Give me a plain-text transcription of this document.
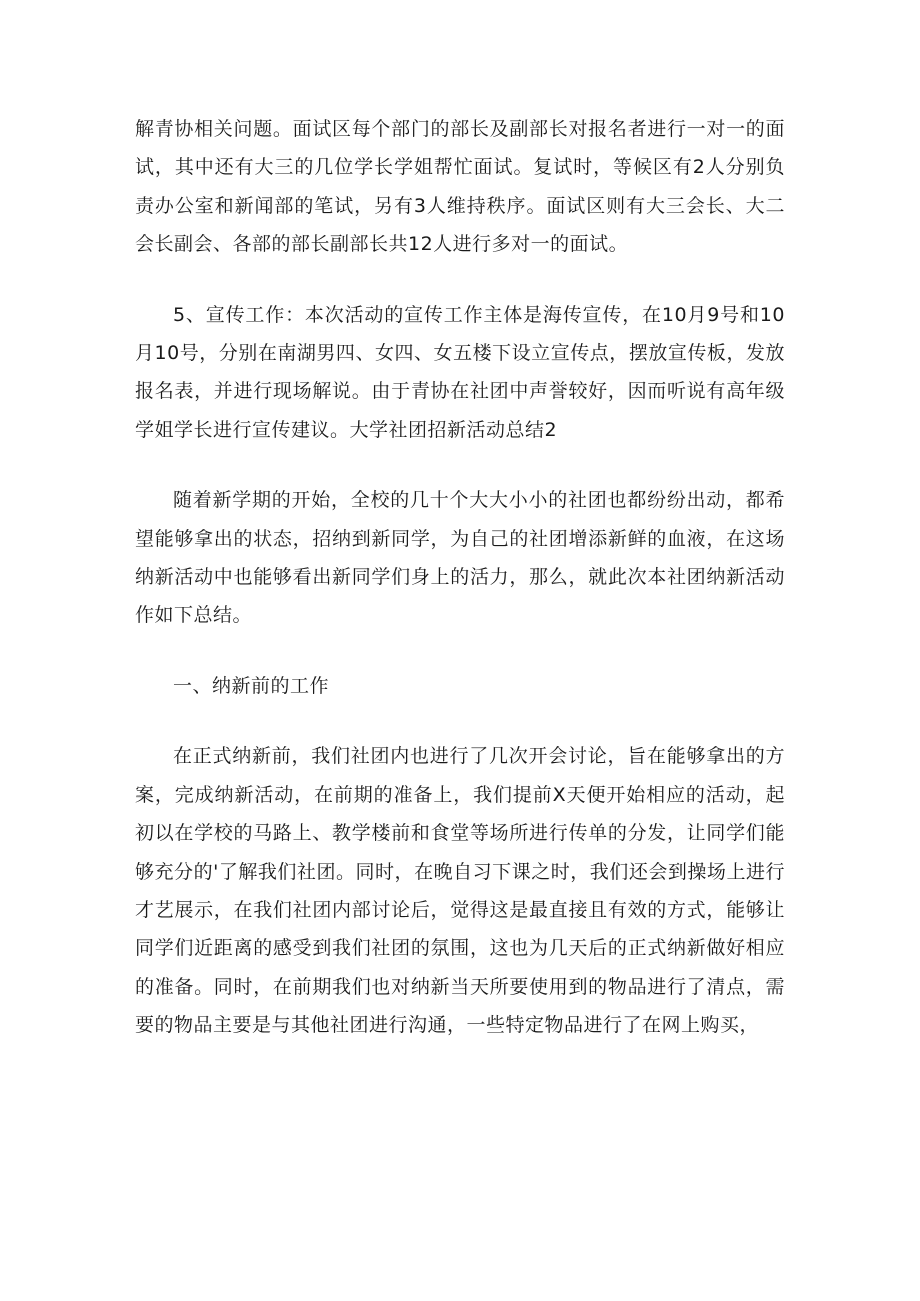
解青协相关问题。面试区每个部门的部长及副部长对报名者进行一对一的面试，其中还有大三的几位学长学姐帮忙面试。复试时，等候区有2人分别负责办公室和新闻部的笔试，另有3人维持秩序。面试区则有大三会长、大二会长副会、各部的部长副部长共12人进行多对一的面试。

5、宣传工作：本次活动的宣传工作主体是海传宣传，在10月9号和10月10号，分别在南湖男四、女四、女五楼下设立宣传点，摆放宣传板，发放报名表，并进行现场解说。由于青协在社团中声誉较好，因而听说有高年级学姐学长进行宣传建议。大学社团招新活动总结2

随着新学期的开始，全校的几十个大大小小的社团也都纷纷出动，都希望能够拿出的状态，招纳到新同学，为自己的社团增添新鲜的血液，在这场纳新活动中也能够看出新同学们身上的活力，那么，就此次本社团纳新活动作如下总结。

一、纳新前的工作

在正式纳新前，我们社团内也进行了几次开会讨论，旨在能够拿出的方案，完成纳新活动，在前期的准备上，我们提前X天便开始相应的活动，起初以在学校的马路上、教学楼前和食堂等场所进行传单的分发，让同学们能够充分的'了解我们社团。同时，在晚自习下课之时，我们还会到操场上进行才艺展示，在我们社团内部讨论后，觉得这是最直接且有效的方式，能够让同学们近距离的感受到我们社团的氛围，这也为几天后的正式纳新做好相应的准备。同时，在前期我们也对纳新当天所要使用到的物品进行了清点，需要的物品主要是与其他社团进行沟通，一些特定物品进行了在网上购买，
